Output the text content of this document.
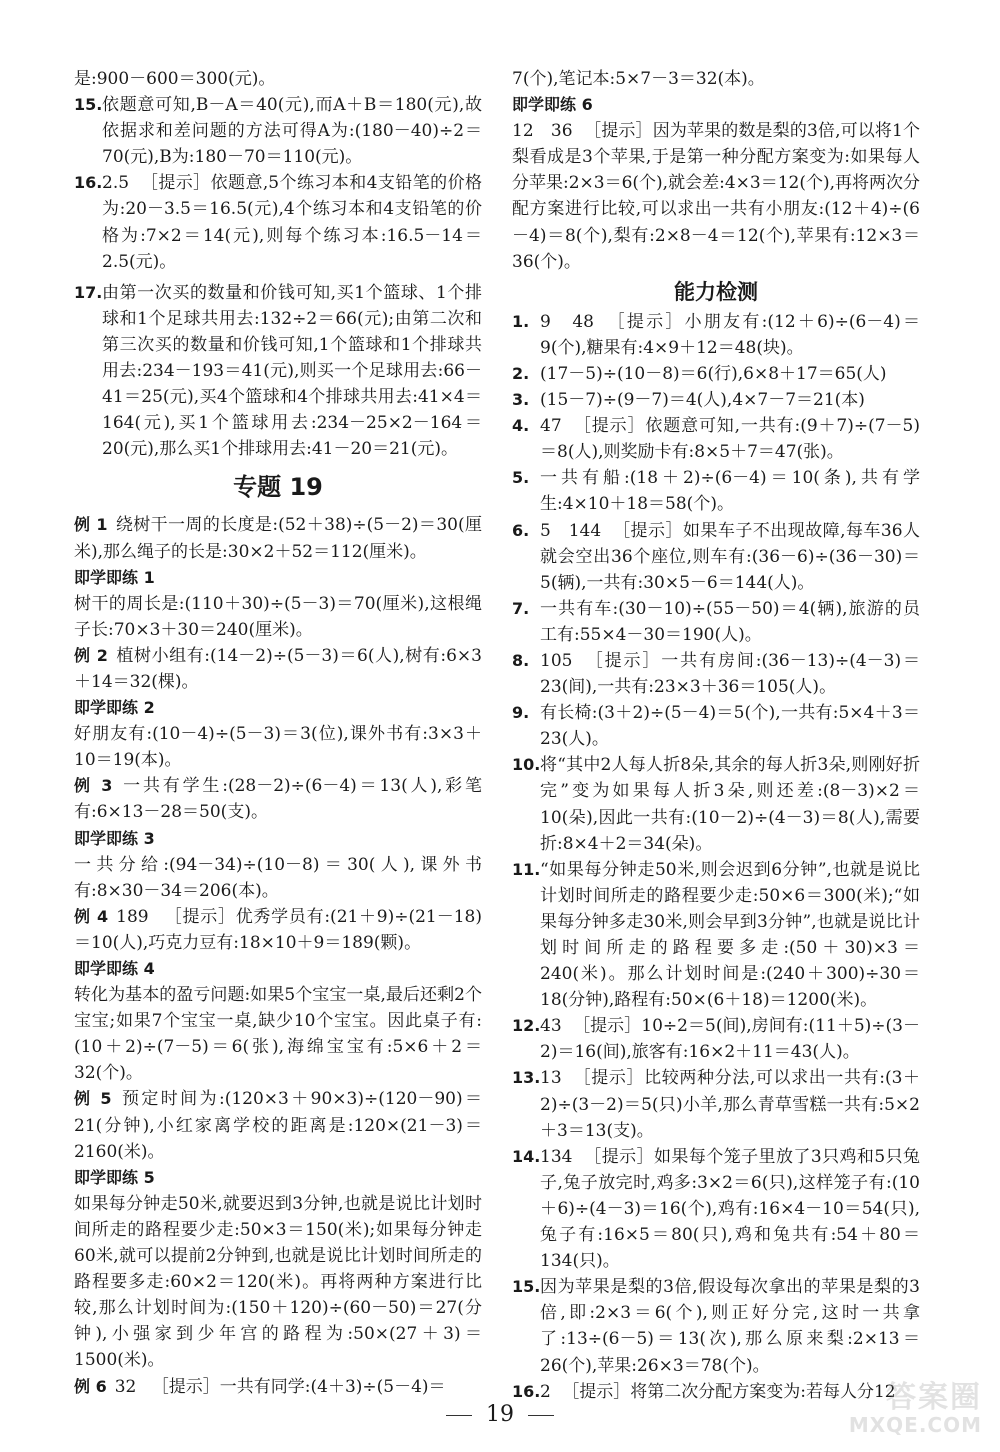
是:900－600＝300(元)。

15. 依题意可知,B－A＝40(元),而A＋B＝180(元),故依据求和差问题的方法可得A为:(180－40)÷2＝70(元),B为:180－70＝110(元)。

16. 2.5 ［提示］依题意,5个练习本和4支铅笔的价格为:20－3.5＝16.5(元),4个练习本和4支铅笔的价格为:7×2＝14(元),则每个练习本:16.5－14＝2.5(元)。

17. 由第一次买的数量和价钱可知,买1个篮球、1个排球和1个足球共用去:132÷2＝66(元);由第二次和第三次买的数量和价钱可知,1个篮球和1个排球共用去:234－193＝41(元),则买一个足球用去:66－41＝25(元),买4个篮球和4个排球共用去:41×4＝164(元),买1个篮球用去:234－25×2－164＝20(元),那么买1个排球用去:41－20＝21(元)。

专题 19

例 1 绕树干一周的长度是:(52＋38)÷(5－2)＝30(厘米),那么绳子的长是:30×2＋52＝112(厘米)。

即学即练 1

树干的周长是:(110＋30)÷(5－3)＝70(厘米),这根绳子长:70×3＋30＝240(厘米)。

例 2 植树小组有:(14－2)÷(5－3)＝6(人),树有:6×3＋14＝32(棵)。

即学即练 2

好朋友有:(10－4)÷(5－3)＝3(位),课外书有:3×3＋10＝19(本)。

例 3 一共有学生:(28－2)÷(6－4)＝13(人),彩笔有:6×13－28＝50(支)。

即学即练 3

一共分给:(94－34)÷(10－8)＝30(人),课外书有:8×30－34＝206(本)。

例 4 189 ［提示］优秀学员有:(21＋9)÷(21－18)＝10(人),巧克力豆有:18×10＋9＝189(颗)。

即学即练 4

转化为基本的盈亏问题:如果5个宝宝一桌,最后还剩2个宝宝;如果7个宝宝一桌,缺少10个宝宝。因此桌子有:(10＋2)÷(7－5)＝6(张),海绵宝宝有:5×6＋2＝32(个)。

例 5 预定时间为:(120×3＋90×3)÷(120－90)＝21(分钟),小红家离学校的距离是:120×(21－3)＝2160(米)。

即学即练 5

如果每分钟走50米,就要迟到3分钟,也就是说比计划时间所走的路程要少走:50×3＝150(米);如果每分钟走60米,就可以提前2分钟到,也就是说比计划时间所走的路程要多走:60×2＝120(米)。再将两种方案进行比较,那么计划时间为:(150＋120)÷(60－50)＝27(分钟),小强家到少年宫的路程为:50×(27＋3)＝1500(米)。

例 6 32 ［提示］一共有同学:(4＋3)÷(5－4)＝

7(个),笔记本:5×7－3＝32(本)。

即学即练 6

12　36 ［提示］因为苹果的数是梨的3倍,可以将1个梨看成是3个苹果,于是第一种分配方案变为:如果每人分苹果:2×3＝6(个),就会差:4×3＝12(个),再将两次分配方案进行比较,可以求出一共有小朋友:(12＋4)÷(6－4)＝8(个),梨有:2×8－4＝12(个),苹果有:12×3＝36(个)。

能力检测

1. 9　48 ［提示］小朋友有:(12＋6)÷(6－4)＝9(个),糖果有:4×9＋12＝48(块)。

2. (17－5)÷(10－8)＝6(行),6×8＋17＝65(人)

3. (15－7)÷(9－7)＝4(人),4×7－7＝21(本)

4. 47 ［提示］依题意可知,一共有:(9＋7)÷(7－5)＝8(人),则奖励卡有:8×5＋7＝47(张)。

5. 一共有船:(18＋2)÷(6－4)＝10(条),共有学生:4×10＋18＝58(个)。

6. 5　144 ［提示］如果车子不出现故障,每车36人就会空出36个座位,则车有:(36－6)÷(36－30)＝5(辆),一共有:30×5－6＝144(人)。

7. 一共有车:(30－10)÷(55－50)＝4(辆),旅游的员工有:55×4－30＝190(人)。

8. 105 ［提示］一共有房间:(36－13)÷(4－3)＝23(间),一共有:23×3＋36＝105(人)。

9. 有长椅:(3＋2)÷(5－4)＝5(个),一共有:5×4＋3＝23(人)。

10. 将“其中2人每人折8朵,其余的每人折3朵,则刚好折完”变为如果每人折3朵,则还差:(8－3)×2＝10(朵),因此一共有:(10－2)÷(4－3)＝8(人),需要折:8×4＋2＝34(朵)。

11. “如果每分钟走50米,则会迟到6分钟”,也就是说比计划时间所走的路程要少走:50×6＝300(米);“如果每分钟多走30米,则会早到3分钟”,也就是说比计划时间所走的路程要多走:(50＋30)×3＝240(米)。那么计划时间是:(240＋300)÷30＝18(分钟),路程有:50×(6＋18)＝1200(米)。

12. 43 ［提示］10÷2＝5(间),房间有:(11＋5)÷(3－2)＝16(间),旅客有:16×2＋11＝43(人)。

13. 13 ［提示］比较两种分法,可以求出一共有:(3＋2)÷(3－2)＝5(只)小羊,那么青草雪糕一共有:5×2＋3＝13(支)。

14. 134 ［提示］如果每个笼子里放了3只鸡和5只兔子,兔子放完时,鸡多:3×2＝6(只),这样笼子有:(10＋6)÷(4－3)＝16(个),鸡有:16×4－10＝54(只),兔子有:16×5＝80(只),鸡和兔共有:54＋80＝134(只)。

15. 因为苹果是梨的3倍,假设每次拿出的苹果是梨的3倍,即:2×3＝6(个),则正好分完,这时一共拿了:13÷(6－5)＝13(次),那么原来梨:2×13＝26(个),苹果:26×3＝78(个)。

16. 2 ［提示］将第二次分配方案变为:若每人分12

19	答案圈
MXQE.COM
